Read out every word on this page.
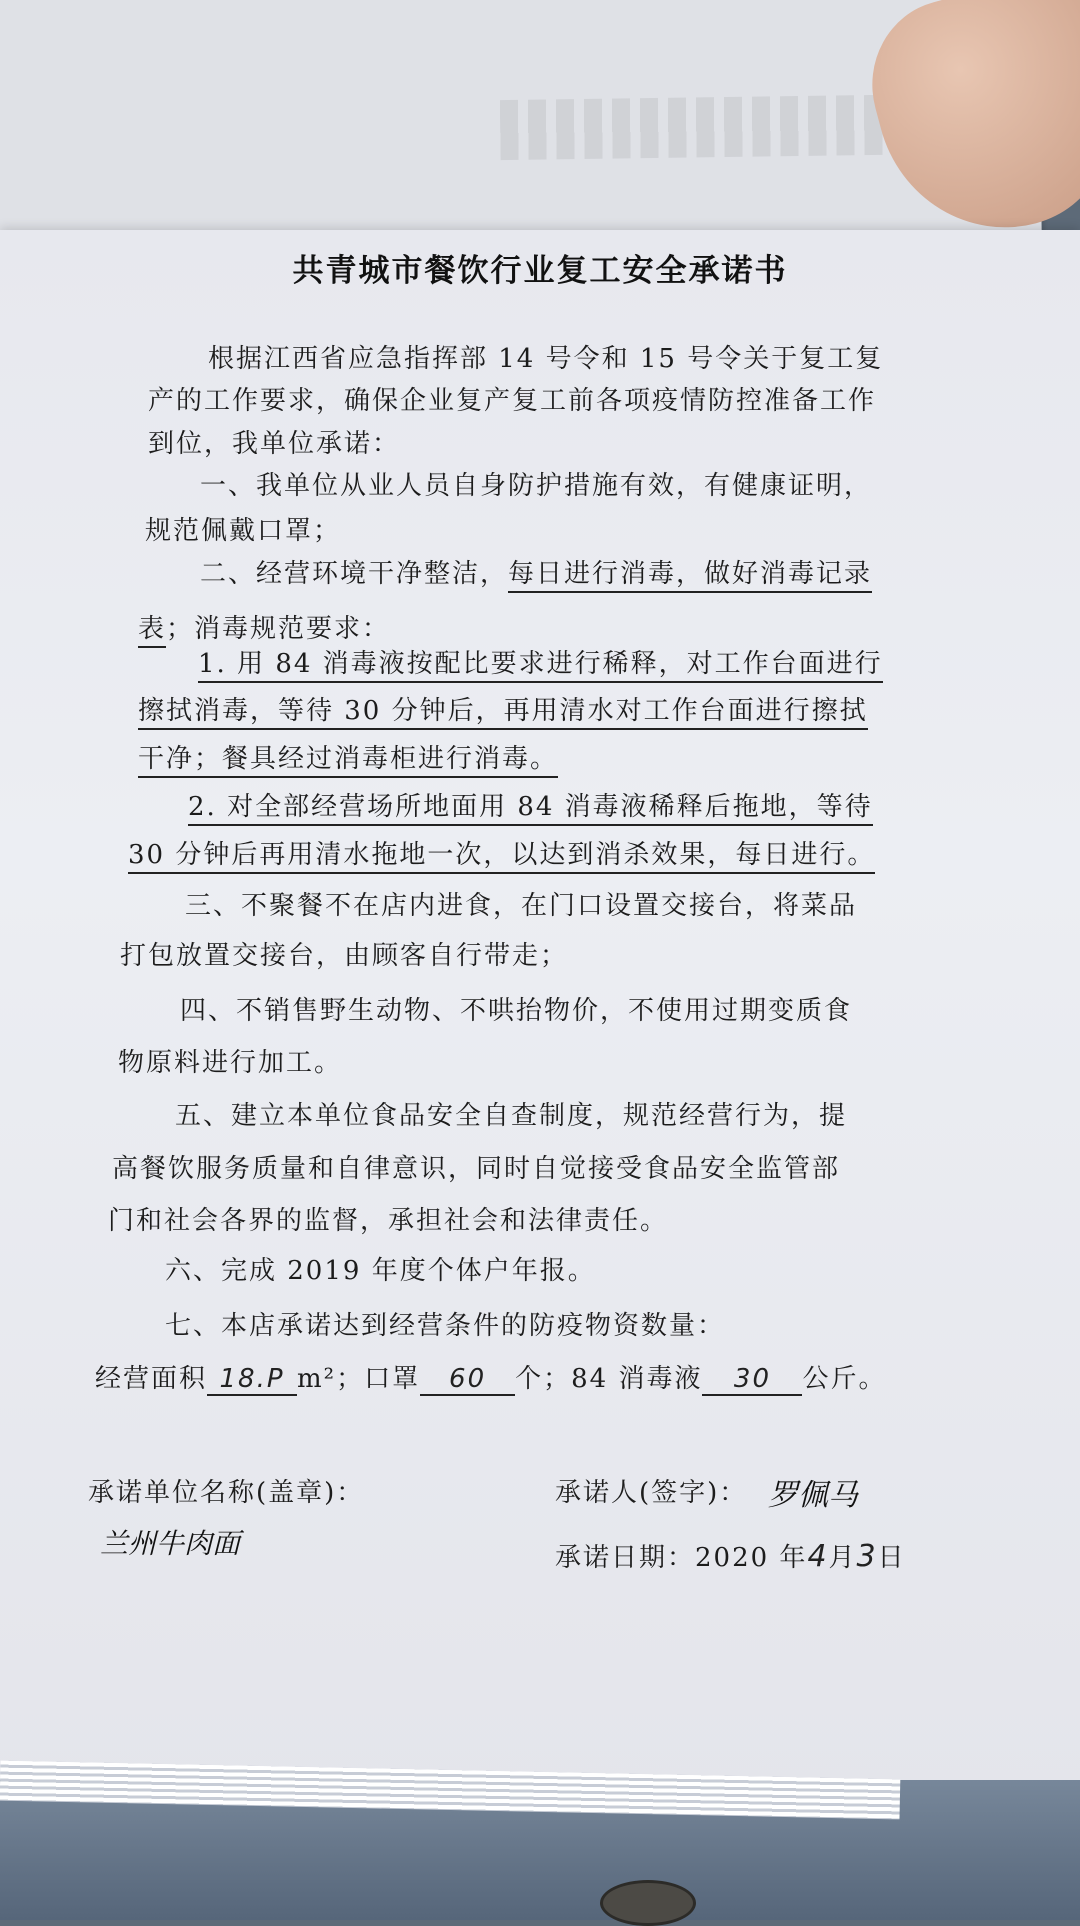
共青城市餐饮行业复工安全承诺书
根据江西省应急指挥部 14 号令和 15 号令关于复工复
产的工作要求，确保企业复产复工前各项疫情防控准备工作
到位，我单位承诺：
一、我单位从业人员自身防护措施有效，有健康证明，
规范佩戴口罩；
二、经营环境干净整洁，每日进行消毒，做好消毒记录
表；消毒规范要求：
1. 用 84 消毒液按配比要求进行稀释，对工作台面进行
擦拭消毒，等待 30 分钟后，再用清水对工作台面进行擦拭
干净；餐具经过消毒柜进行消毒。
2. 对全部经营场所地面用 84 消毒液稀释后拖地，等待
30 分钟后再用清水拖地一次，以达到消杀效果，每日进行。
三、不聚餐不在店内进食，在门口设置交接台，将菜品
打包放置交接台，由顾客自行带走；
四、不销售野生动物、不哄抬物价，不使用过期变质食
物原料进行加工。
五、建立本单位食品安全自查制度，规范经营行为，提
高餐饮服务质量和自律意识，同时自觉接受食品安全监管部
门和社会各界的监督，承担社会和法律责任。
六、完成 2019 年度个体户年报。
七、本店承诺达到经营条件的防疫物资数量：
经营面积 18.P m²；口罩 60 个；84 消毒液 30 公斤。
承诺单位名称(盖章)：
兰州牛肉面
承诺人(签字)： 罗佩马
承诺日期：2020 年4月3日
